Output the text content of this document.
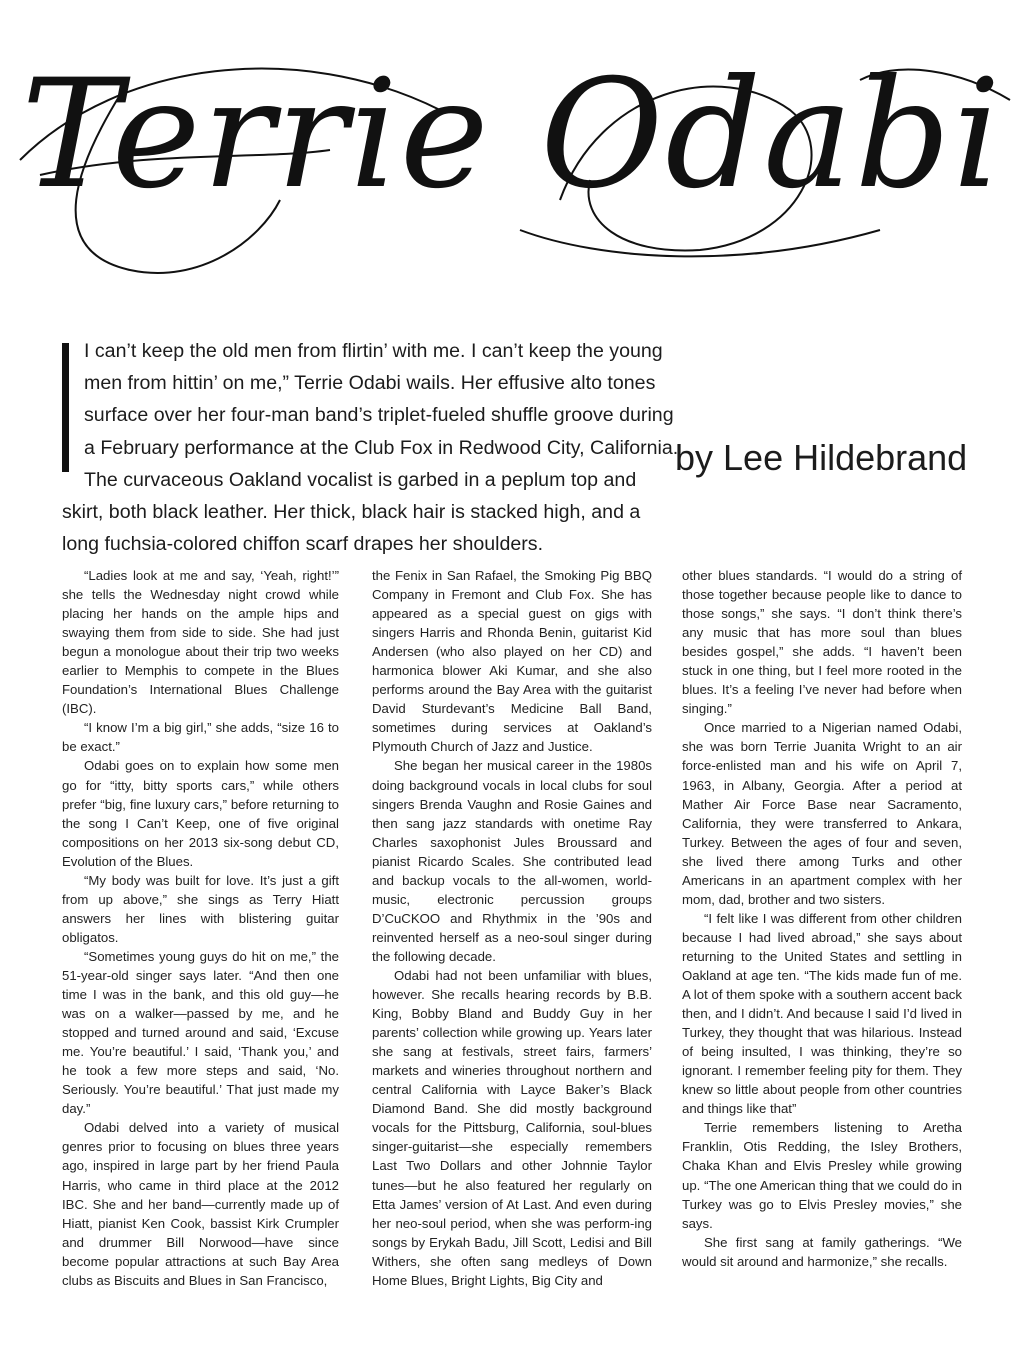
Terrie Odabi
I can’t keep the old men from flirtin’ with me. I can’t keep the young
men from hittin’ on me,” Terrie Odabi wails. Her effusive alto tones
surface over her four-man band’s triplet-fueled shuffle groove during
a February performance at the Club Fox in Redwood City, California.
The curvaceous Oakland vocalist is garbed in a peplum top and
skirt, both black leather. Her thick, black hair is stacked high, and a
long fuchsia-colored chiffon scarf drapes her shoulders.
by Lee Hildebrand

“Ladies look at me and say, ‘Yeah, right!’” she tells the Wednesday night crowd while placing her hands on the ample hips and swaying them from side to side. She had just begun a monologue about their trip two weeks earlier to Memphis to compete in the Blues Foundation’s International Blues Challenge (IBC).

“I know I’m a big girl,” she adds, “size 16 to be exact.”

Odabi goes on to explain how some men go for “itty, bitty sports cars,” while others prefer “big, fine luxury cars,” before returning to the song I Can’t Keep, one of five original compositions on her 2013 six-song debut CD, Evolution of the Blues.

“My body was built for love. It’s just a gift from up above,” she sings as Terry Hiatt answers her lines with blistering guitar obligatos.

“Sometimes young guys do hit on me,” the 51-year-old singer says later. “And then one time I was in the bank, and this old guy—he was on a walker—passed by me, and he stopped and turned around and said, ‘Excuse me. You’re beautiful.’ I said, ‘Thank you,’ and he took a few more steps and said, ‘No. Seriously. You’re beautiful.’ That just made my day.”

Odabi delved into a variety of musical genres prior to focusing on blues three years ago, inspired in large part by her friend Paula Harris, who came in third place at the 2012 IBC. She and her band—currently made up of Hiatt, pianist Ken Cook, bassist Kirk Crumpler and drummer Bill Norwood—have since become popular attractions at such Bay Area clubs as Biscuits and Blues in San Francisco,

the Fenix in San Rafael, the Smoking Pig BBQ Company in Fremont and Club Fox. She has appeared as a special guest on gigs with singers Harris and Rhonda Benin, guitarist Kid Andersen (who also played on her CD) and harmonica blower Aki Kumar, and she also performs around the Bay Area with the guitarist David Sturdevant’s Medicine Ball Band, sometimes during services at Oakland’s Plymouth Church of Jazz and Justice.

She began her musical career in the 1980s doing background vocals in local clubs for soul singers Brenda Vaughn and Rosie Gaines and then sang jazz standards with onetime Ray Charles saxophonist Jules Broussard and pianist Ricardo Scales. She contributed lead and backup vocals to the all-women, world-music, electronic percussion groups D’CuCKOO and Rhythmix in the ’90s and reinvented herself as a neo-soul singer during the following decade.

Odabi had not been unfamiliar with blues, however. She recalls hearing records by B.B. King, Bobby Bland and Buddy Guy in her parents’ collection while growing up. Years later she sang at festivals, street fairs, farmers’ markets and wineries throughout northern and central California with Layce Baker’s Black Diamond Band. She did mostly background vocals for the Pittsburg, California, soul-blues singer-guitarist—she especially remembers Last Two Dollars and other Johnnie Taylor tunes—but he also featured her regularly on Etta James’ version of At Last. And even during her neo-soul period, when she was perform-ing songs by Erykah Badu, Jill Scott, Ledisi and Bill Withers, she often sang medleys of Down Home Blues, Bright Lights, Big City and

other blues standards. “I would do a string of those together because people like to dance to those songs,” she says. “I don’t think there’s any music that has more soul than blues besides gospel,” she adds. “I haven’t been stuck in one thing, but I feel more rooted in the blues. It’s a feeling I’ve never had before when singing.”

Once married to a Nigerian named Odabi, she was born Terrie Juanita Wright to an air force-enlisted man and his wife on April 7, 1963, in Albany, Georgia. After a period at Mather Air Force Base near Sacramento, California, they were transferred to Ankara, Turkey. Between the ages of four and seven, she lived there among Turks and other Americans in an apartment complex with her mom, dad, brother and two sisters.

“I felt like I was different from other children because I had lived abroad,” she says about returning to the United States and settling in Oakland at age ten. “The kids made fun of me. A lot of them spoke with a southern accent back then, and I didn’t. And because I said I’d lived in Turkey, they thought that was hilarious. Instead of being insulted, I was thinking, they’re so ignorant. I remember feeling pity for them. They knew so little about people from other countries and things like that”

Terrie remembers listening to Aretha Franklin, Otis Redding, the Isley Brothers, Chaka Khan and Elvis Presley while growing up. “The one American thing that we could do in Turkey was go to Elvis Presley movies,” she says.

She first sang at family gatherings. “We would sit around and harmonize,” she recalls.
